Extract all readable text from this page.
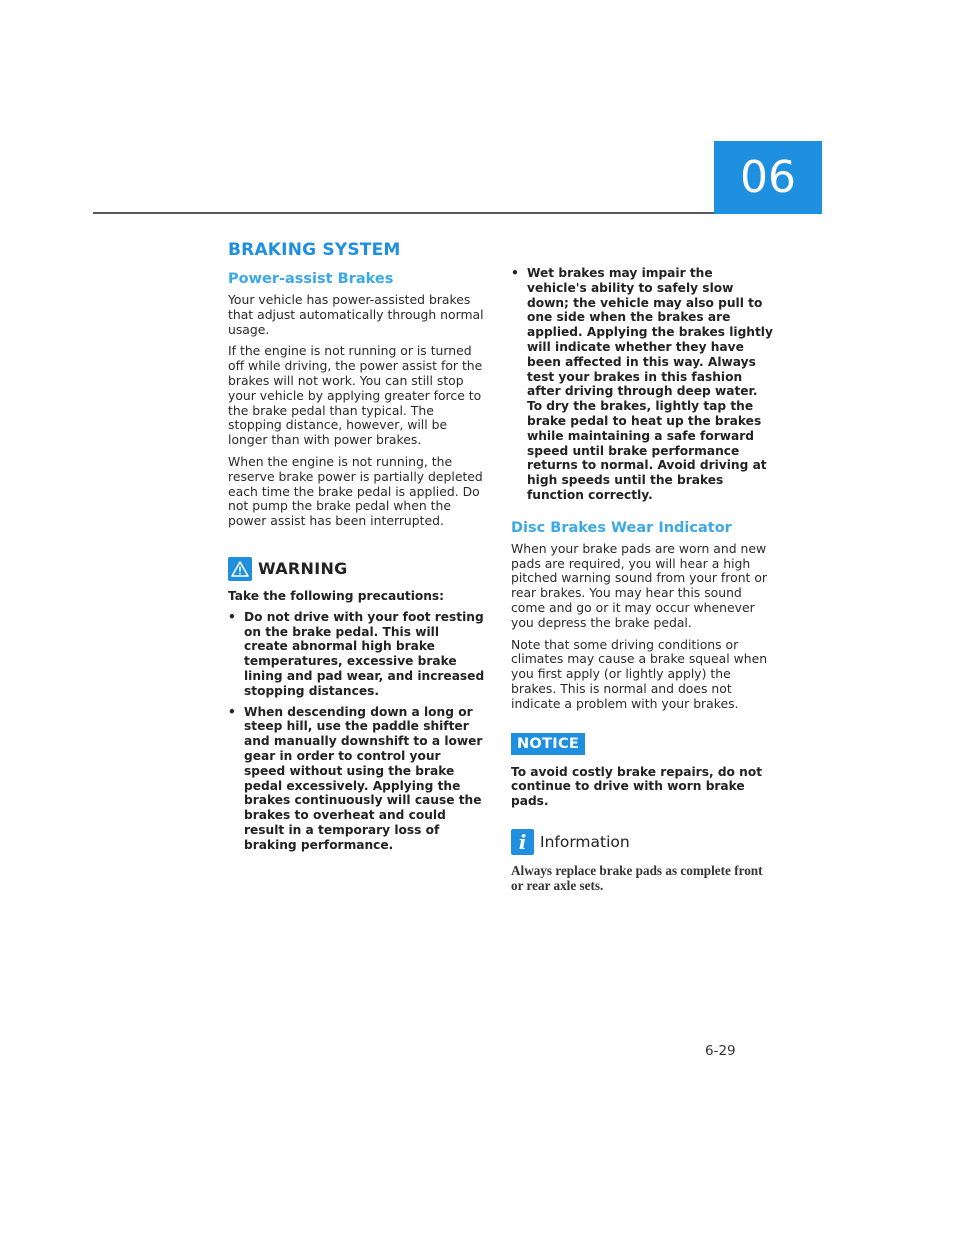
06
BRAKING SYSTEM
Power-assist Brakes

Your vehicle has power-assisted brakes that adjust automatically through normal usage.

If the engine is not running or is turned off while driving, the power assist for the brakes will not work. You can still stop your vehicle by applying greater force to the brake pedal than typical. The stopping distance, however, will be longer than with power brakes.

When the engine is not running, the reserve brake power is partially depleted each time the brake pedal is applied. Do not pump the brake pedal when the power assist has been interrupted.

WARNING

Take the following precautions:

• Do not drive with your foot resting on the brake pedal. This will create abnormal high brake temperatures, excessive brake lining and pad wear, and increased stopping distances.
• When descending down a long or steep hill, use the paddle shifter and manually downshift to a lower gear in order to control your speed without using the brake pedal excessively. Applying the brakes continuously will cause the brakes to overheat and could result in a temporary loss of braking performance.
• Wet brakes may impair the vehicle's ability to safely slow down; the vehicle may also pull to one side when the brakes are applied. Applying the brakes lightly will indicate whether they have been affected in this way. Always test your brakes in this fashion after driving through deep water. To dry the brakes, lightly tap the brake pedal to heat up the brakes while maintaining a safe forward speed until brake performance returns to normal. Avoid driving at high speeds until the brakes function correctly.
Disc Brakes Wear Indicator

When your brake pads are worn and new pads are required, you will hear a high pitched warning sound from your front or rear brakes. You may hear this sound come and go or it may occur whenever you depress the brake pedal.

Note that some driving conditions or climates may cause a brake squeal when you first apply (or lightly apply) the brakes. This is normal and does not indicate a problem with your brakes.

NOTICE

To avoid costly brake repairs, do not continue to drive with worn brake pads.

i Information

Always replace brake pads as complete front or rear axle sets.

6-29
